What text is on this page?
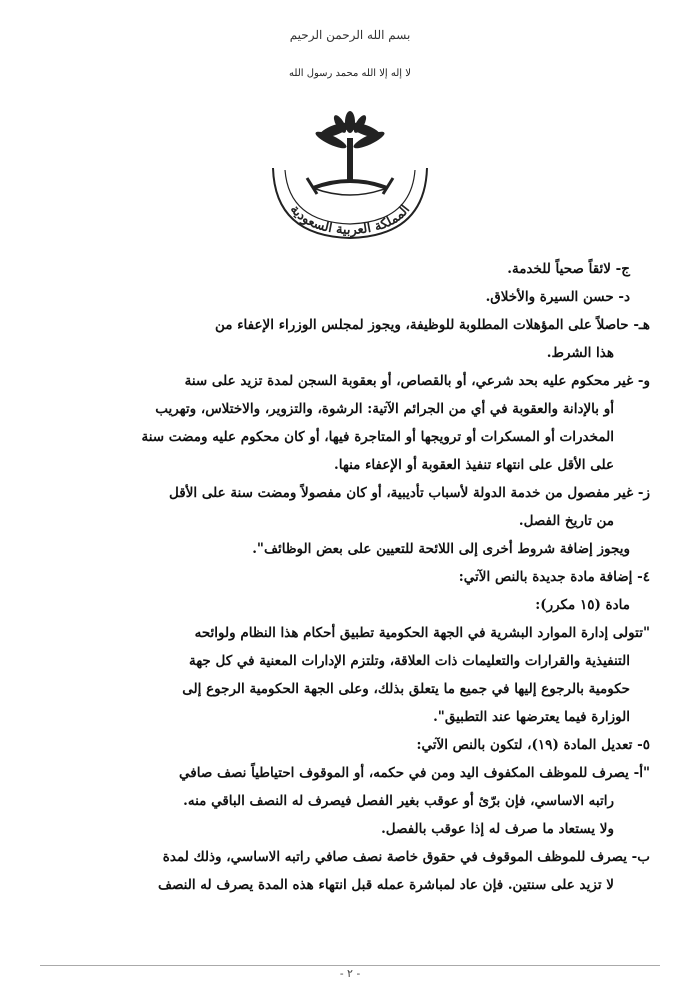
بسم الله الرحمن الرحيم
لا إله إلا الله محمد رسول الله
المملكة العربية السعودية
ج- لائقاً صحياً للخدمة.
د- حسن السيرة والأخلاق.
هـ- حاصلاً على المؤهلات المطلوبة للوظيفة، ويجوز لمجلس الوزراء الإعفاء من
هذا الشرط.
و- غير محكوم عليه بحد شرعي، أو بالقصاص، أو بعقوبة السجن لمدة تزيد على سنة
أو بالإدانة والعقوبة في أي من الجرائم الآتية: الرشوة، والتزوير، والاختلاس، وتهريب
المخدرات أو المسكرات أو ترويجها أو المتاجرة فيها، أو كان محكوم عليه ومضت سنة
على الأقل على انتهاء تنفيذ العقوبة أو الإعفاء منها.
ز- غير مفصول من خدمة الدولة لأسباب تأديبية، أو كان مفصولاً ومضت سنة على الأقل
من تاريخ الفصل.
ويجوز إضافة شروط أخرى إلى اللائحة للتعيين على بعض الوظائف".
٤- إضافة مادة جديدة بالنص الآتي:
مادة (١٥ مكرر):
"تتولى إدارة الموارد البشرية في الجهة الحكومية تطبيق أحكام هذا النظام ولوائحه
التنفيذية والقرارات والتعليمات ذات العلاقة، وتلتزم الإدارات المعنية في كل جهة
حكومية بالرجوع إليها في جميع ما يتعلق بذلك، وعلى الجهة الحكومية الرجوع إلى
الوزارة فيما يعترضها عند التطبيق".
٥- تعديل المادة (١٩)، لتكون بالنص الآتي:
"أ- يصرف للموظف المكفوف اليد ومن في حكمه، أو الموقوف احتياطياً نصف صافي
راتبه الاساسي، فإن برّئ أو عوقب بغير الفصل فيصرف له النصف الباقي منه.
ولا يستعاد ما صرف له إذا عوقب بالفصل.
ب- يصرف للموظف الموقوف في حقوق خاصة نصف صافي راتبه الاساسي، وذلك لمدة
لا تزيد على سنتين. فإن عاد لمباشرة عمله قبل انتهاء هذه المدة يصرف له النصف
- ٢ -
